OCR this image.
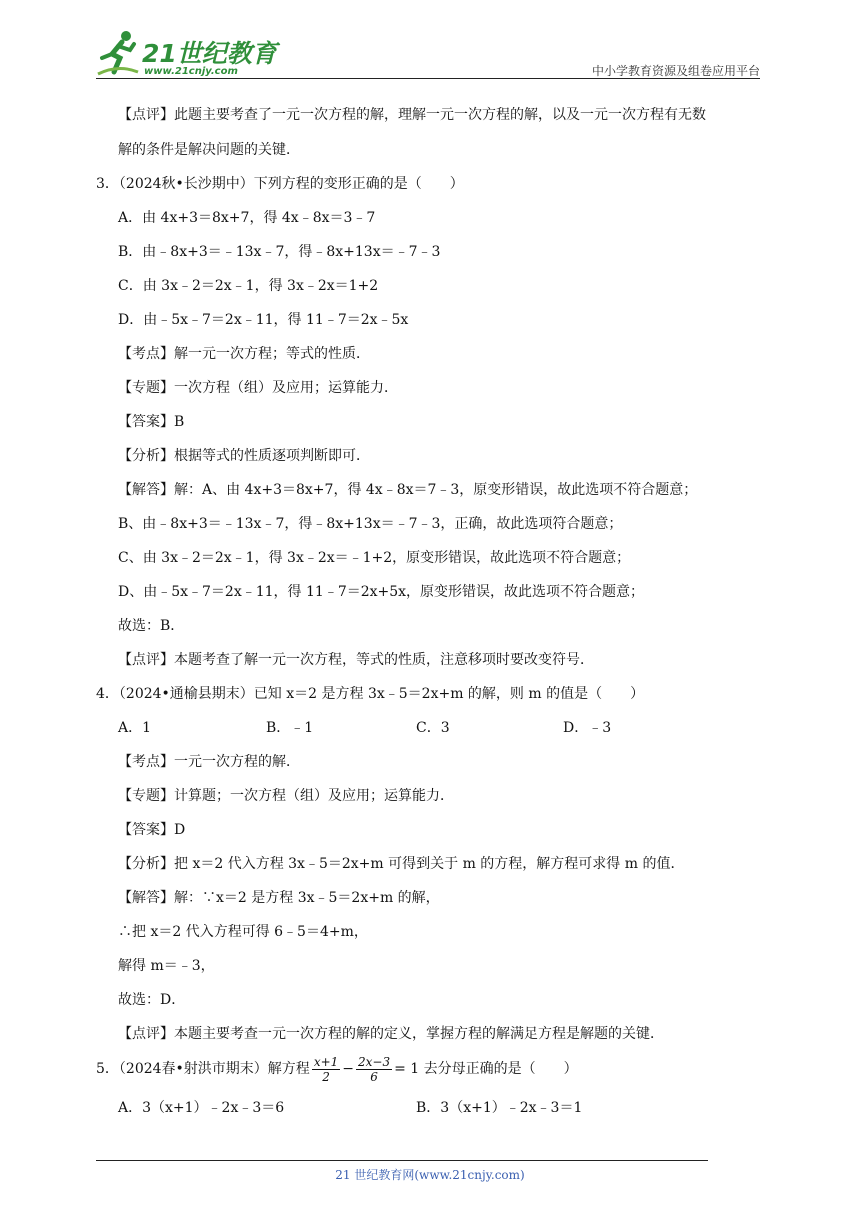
21世纪教育
www.21cnjy.com	中小学教育资源及组卷应用平台
【点评】此题主要考查了一元一次方程的解，理解一元一次方程的解，以及一元一次方程有无数
解的条件是解决问题的关键．
3．（2024秋•长沙期中）下列方程的变形正确的是（　　）
A．由 4x+3＝8x+7，得 4x﹣8x＝3﹣7
B．由﹣8x+3＝﹣13x﹣7，得﹣8x+13x＝﹣7﹣3
C．由 3x﹣2＝2x﹣1，得 3x﹣2x＝1+2
D．由﹣5x﹣7＝2x﹣11，得 11﹣7＝2x﹣5x
【考点】解一元一次方程；等式的性质．
【专题】一次方程（组）及应用；运算能力．
【答案】B
【分析】根据等式的性质逐项判断即可．
【解答】解：A、由 4x+3＝8x+7，得 4x﹣8x＝7﹣3，原变形错误，故此选项不符合题意；
B、由﹣8x+3＝﹣13x﹣7，得﹣8x+13x＝﹣7﹣3，正确，故此选项符合题意；
C、由 3x﹣2＝2x﹣1，得 3x﹣2x＝﹣1+2，原变形错误，故此选项不符合题意；
D、由﹣5x﹣7＝2x﹣11，得 11﹣7＝2x+5x，原变形错误，故此选项不符合题意；
故选：B．
【点评】本题考查了解一元一次方程，等式的性质，注意移项时要改变符号．
4．（2024•通榆县期末）已知 x＝2 是方程 3x﹣5＝2x+m 的解，则 m 的值是（　　）
A．1	B．﹣1	C．3	D．﹣3
【考点】一元一次方程的解．
【专题】计算题；一次方程（组）及应用；运算能力．
【答案】D
【分析】把 x＝2 代入方程 3x﹣5＝2x+m 可得到关于 m 的方程，解方程可求得 m 的值．
【解答】解：∵x＝2 是方程 3x﹣5＝2x+m 的解，
∴把 x＝2 代入方程可得 6﹣5＝4+m，
解得 m＝﹣3，
故选：D．
【点评】本题主要考查一元一次方程的解的定义，掌握方程的解满足方程是解题的关键．
5．（2024春•射洪市期末）解方程 $\frac{x+1}{2} - \frac{2x-3}{6} = 1$ 去分母正确的是（　　）
A．3（x+1）﹣2x﹣3＝6	B．3（x+1）﹣2x﹣3＝1
21 世纪教育网(www.21cnjy.com)
